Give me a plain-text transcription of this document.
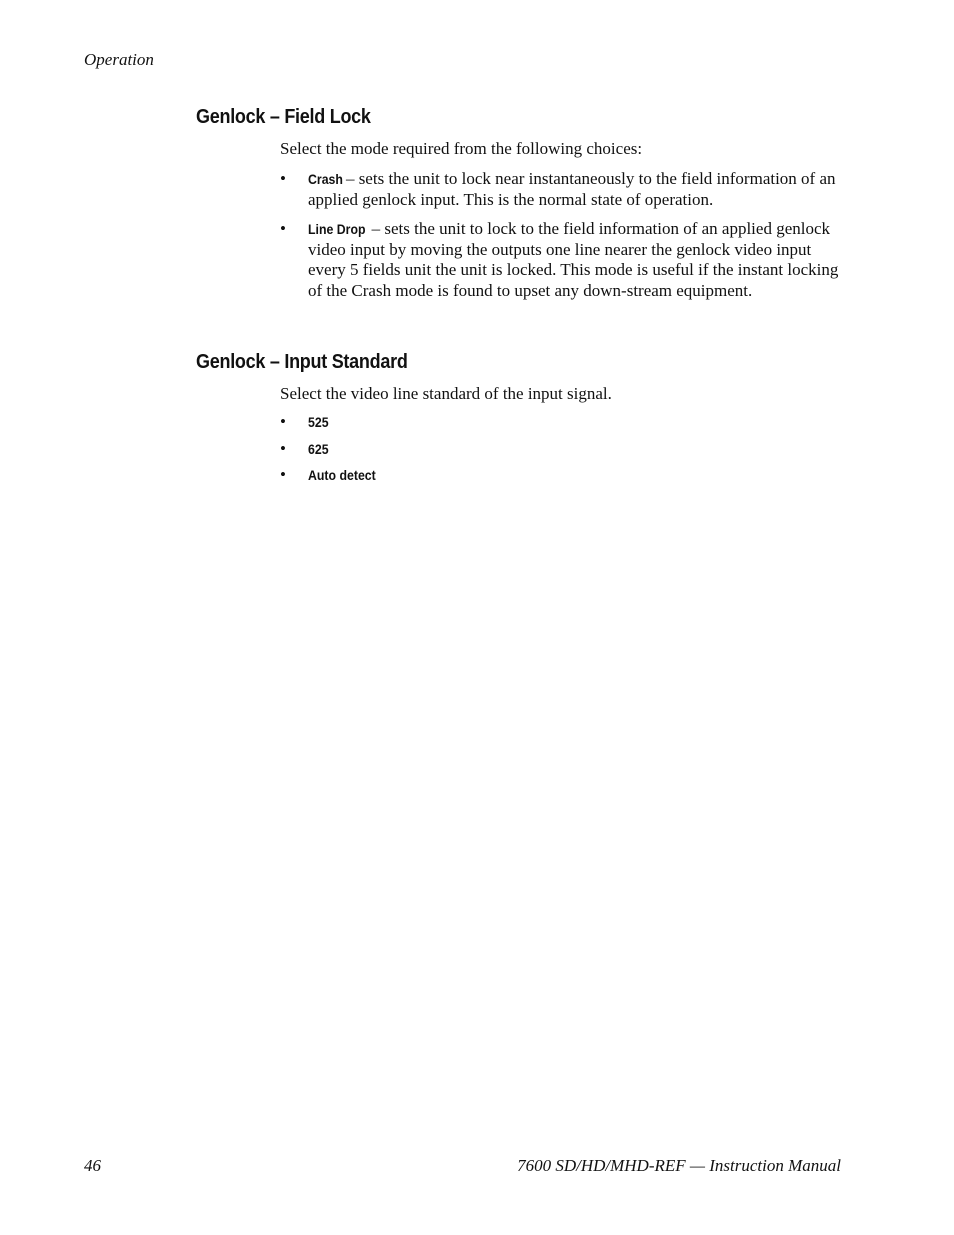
Operation
Genlock – Field Lock

Select the mode required from the following choices:

• Crash – sets the unit to lock near instantaneously to the field information of an applied genlock input. This is the normal state of operation.
• Line Drop – sets the unit to lock to the field information of an applied genlock video input by moving the outputs one line nearer the genlock video input every 5 fields unit the unit is locked. This mode is useful if the instant locking of the Crash mode is found to upset any down-stream equipment.
Genlock – Input Standard

Select the video line standard of the input signal.

• 525
• 625
• Auto detect
46	7600 SD/HD/MHD-REF — Instruction Manual
